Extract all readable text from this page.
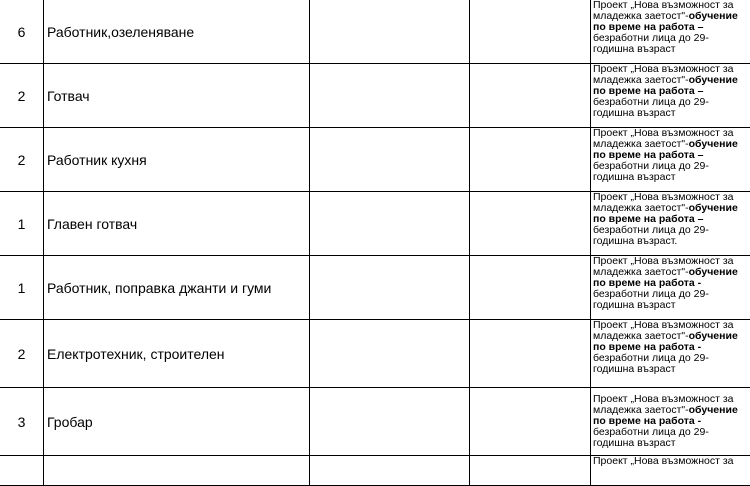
6	Работник,озеленяване			Проект „Нова възможност за
младежка заетост"-обучение
по време на работа –
безработни лица до 29-
годишна възраст

2	Готвач			Проект „Нова възможност за
младежка заетост"-обучение
по време на работа –
безработни лица до 29-
годишна възраст

2	Работник кухня			Проект „Нова възможност за
младежка заетост"-обучение
по време на работа –
безработни лица до 29-
годишна възраст

1	Главен готвач			Проект „Нова възможност за
младежка заетост"-обучение
по време на работа –
безработни лица до 29-
годишна възраст.

1	Работник, поправка джанти и гуми			Проект „Нова възможност за
младежка заетост"-обучение
по време на работа -
безработни лица до 29-
годишна възраст

2	Електротехник, строителен			Проект „Нова възможност за
младежка заетост"-обучение
по време на работа -
безработни лица до 29-
годишна възраст

3	Гробар			Проект „Нова възможност за
младежка заетост"-обучение
по време на работа -
безработни лица до 29-
годишна възраст

				Проект „Нова възможност за
